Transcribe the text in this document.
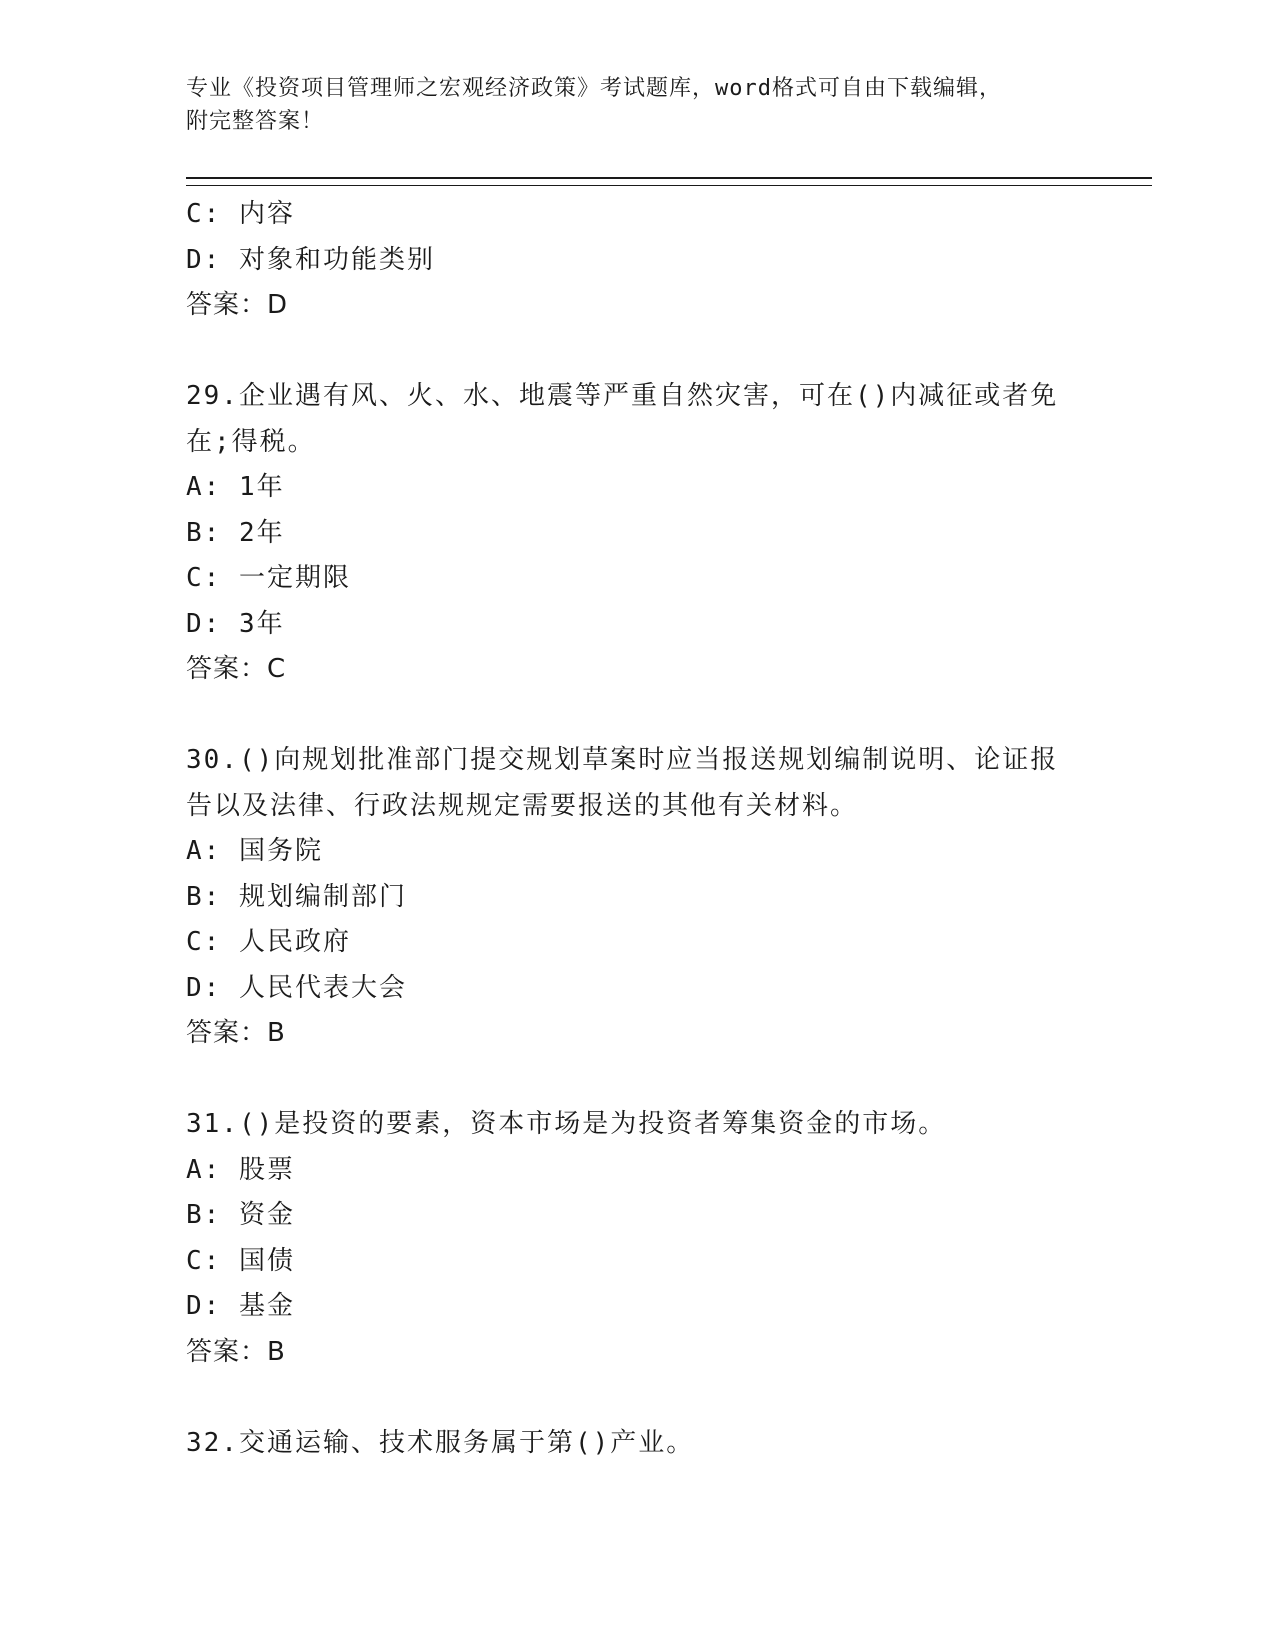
专业《投资项目管理师之宏观经济政策》考试题库，word格式可自由下载编辑，
附完整答案！
C: 内容
D: 对象和功能类别
答案：D
29.企业遇有风、火、水、地震等严重自然灾害，可在()内减征或者免在;得税。
A: 1年
B: 2年
C: 一定期限
D: 3年
答案：C
30.()向规划批准部门提交规划草案时应当报送规划编制说明、论证报告以及法律、行政法规规定需要报送的其他有关材料。
A: 国务院
B: 规划编制部门
C: 人民政府
D: 人民代表大会
答案：B
31.()是投资的要素，资本市场是为投资者筹集资金的市场。
A: 股票
B: 资金
C: 国债
D: 基金
答案：B
32.交通运输、技术服务属于第()产业。
